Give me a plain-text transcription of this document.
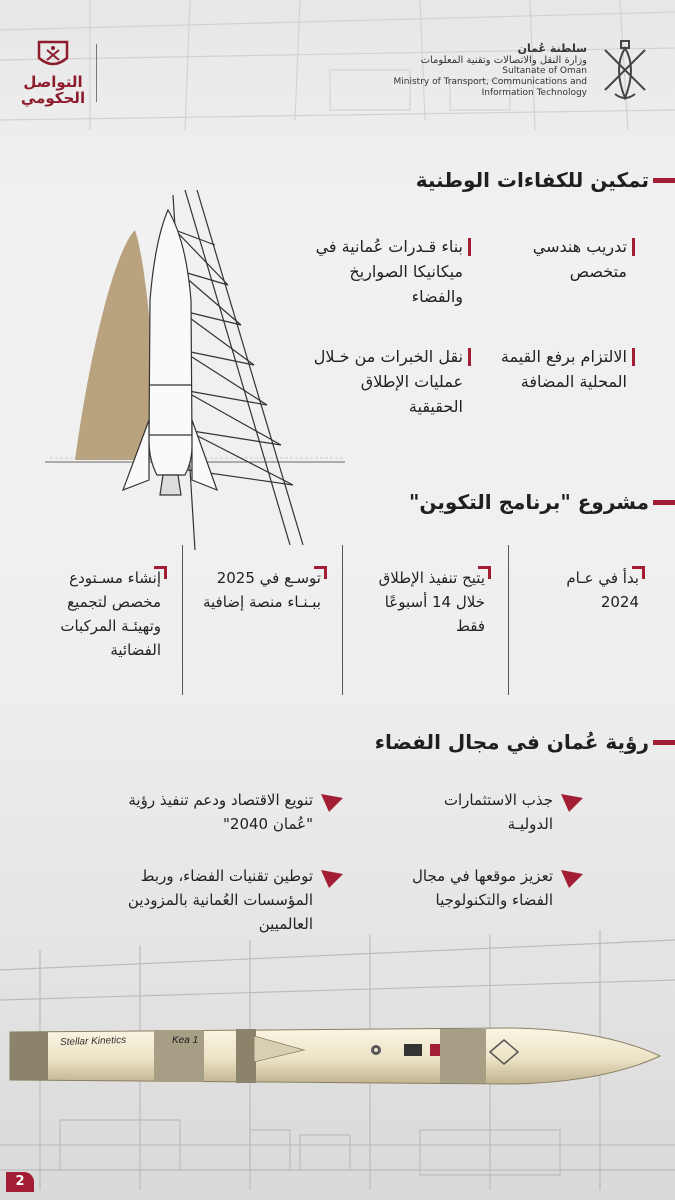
التواصل الحكومي
سلطنة عُمان
وزارة النقل والاتصالات وتقنية المعلومات
Sultanate of Oman
Ministry of Transport, Communications and
Information Technology
تمكين للكفاءات الوطنية
تدريب هندسي متخصص
بناء قـدرات عُمانية في ميكانيكا الصواريخ والفضاء
الالتزام برفع القيمة المحلية المضافة
نقل الخبرات من خـلال عمليات الإطلاق الحقيقية
مشروع "برنامج التكوين"
بدأ في عـام 2024
يتيح تنفيذ الإطلاق خلال 14 أسبوعًا فقط
توسـع في 2025 ببـنـاء منصة إضافية
إنشاء مسـتودع مخصص لتجميع وتهيئـة المركبات الفضائية
رؤية عُمان في مجال الفضاء
جذب الاستثمارات الدوليـة
تنويع الاقتصاد ودعم تنفيذ رؤية "عُمان 2040"
تعزيز موقعها في مجال الفضاء والتكنولوجيا
توطين تقنيات الفضاء، وربط المؤسسات العُمانية بالمزودين العالميين
Stellar Kinetics	Kea 1
2
